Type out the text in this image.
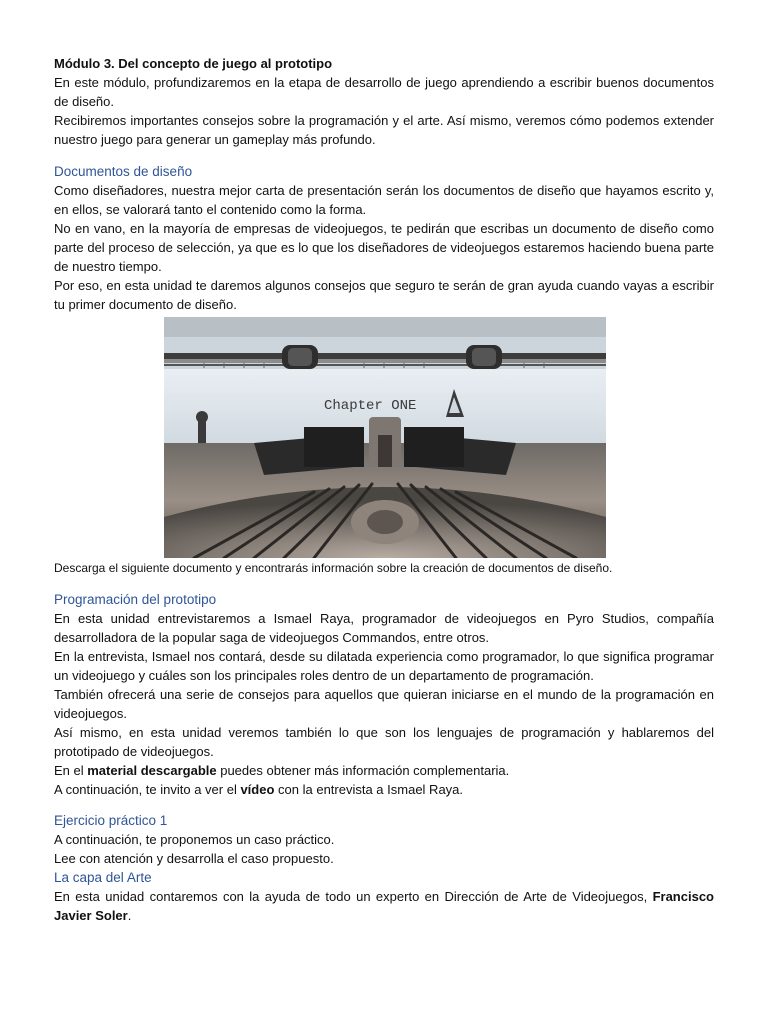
Módulo 3. Del concepto de juego al prototipo

En este módulo, profundizaremos en la etapa de desarrollo de juego aprendiendo a escribir buenos documentos de diseño.

Recibiremos importantes consejos sobre la programación y el arte. Así mismo, veremos cómo podemos extender nuestro juego para generar un gameplay más profundo.

Documentos de diseño

Como diseñadores, nuestra mejor carta de presentación serán los documentos de diseño que hayamos escrito y, en ellos, se valorará tanto el contenido como la forma.

No en vano, en la mayoría de empresas de videojuegos, te pedirán que escribas un documento de diseño como parte del proceso de selección, ya que es lo que los diseñadores de videojuegos estaremos haciendo buena parte de nuestro tiempo.

Por eso, en esta unidad te daremos algunos consejos que seguro te serán de gran ayuda cuando vayas a escribir tu primer documento de diseño.

Chapter ONE

Descarga el siguiente documento y encontrarás información sobre la creación de documentos de diseño.

Programación del prototipo

En esta unidad entrevistaremos a Ismael Raya, programador de videojuegos en Pyro Studios, compañía desarrolladora de la popular saga de videojuegos Commandos, entre otros.

En la entrevista, Ismael nos contará, desde su dilatada experiencia como programador, lo que significa programar un videojuego y cuáles son los principales roles dentro de un departamento de programación.

También ofrecerá una serie de consejos para aquellos que quieran iniciarse en el mundo de la programación en videojuegos.

Así mismo, en esta unidad veremos también lo que son los lenguajes de programación y hablaremos del prototipado de videojuegos.

En el material descargable puedes obtener más información complementaria.

A continuación, te invito a ver el vídeo con la entrevista a Ismael Raya.

Ejercicio práctico 1

A continuación, te proponemos un caso práctico.

Lee con atención y desarrolla el caso propuesto.

La capa del Arte

En esta unidad contaremos con la ayuda de todo un experto en Dirección de Arte de Videojuegos, Francisco Javier Soler.
